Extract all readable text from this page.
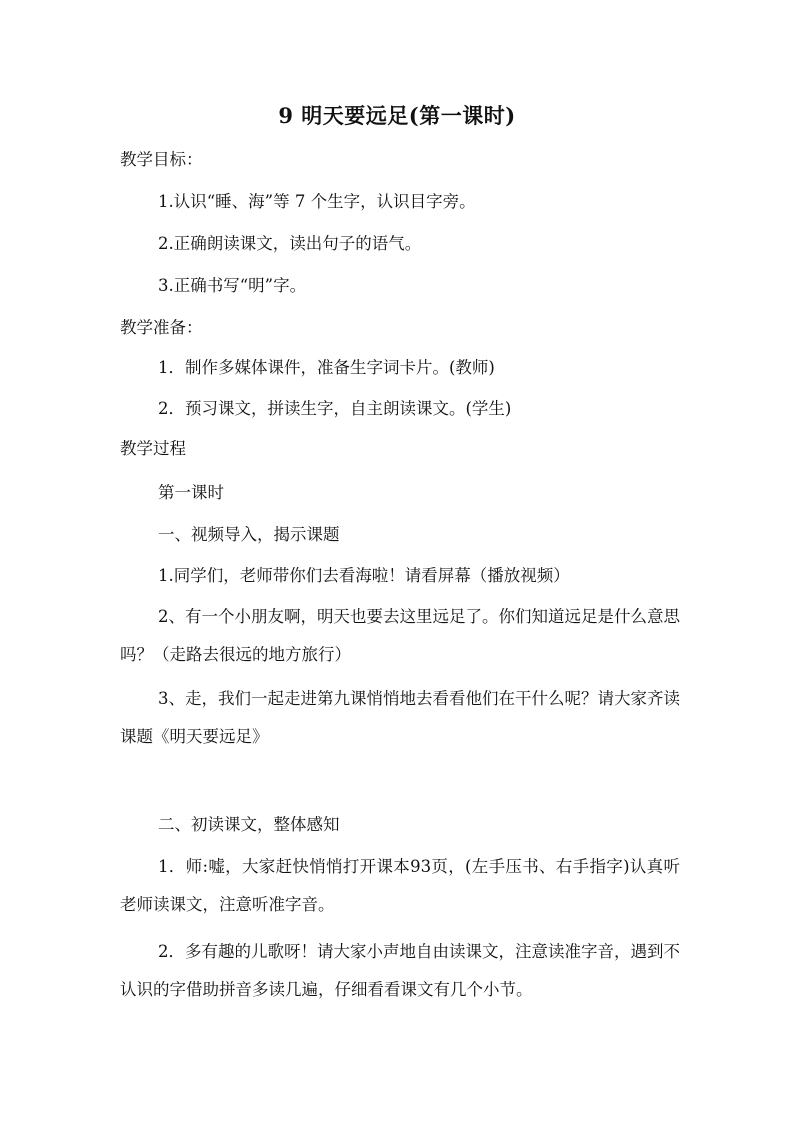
9 明天要远足(第一课时)
教学目标：
1.认识“睡、海”等 7 个生字，认识目字旁。
2.正确朗读课文，读出句子的语气。
3.正确书写“明”字。
教学准备：
1．制作多媒体课件，准备生字词卡片。(教师)
2．预习课文，拼读生字，自主朗读课文。(学生)
教学过程
第一课时
一、视频导入，揭示课题
1.同学们，老师带你们去看海啦！请看屏幕（播放视频）
2、有一个小朋友啊，明天也要去这里远足了。你们知道远足是什么意思吗？（走路去很远的地方旅行）
3、走，我们一起走进第九课悄悄地去看看他们在干什么呢？请大家齐读课题《明天要远足》
二、初读课文，整体感知
1．师:嘘，大家赶快悄悄打开课本93页，(左手压书、右手指字)认真听老师读课文，注意听准字音。
2．多有趣的儿歌呀！请大家小声地自由读课文，注意读准字音，遇到不认识的字借助拼音多读几遍，仔细看看课文有几个小节。
